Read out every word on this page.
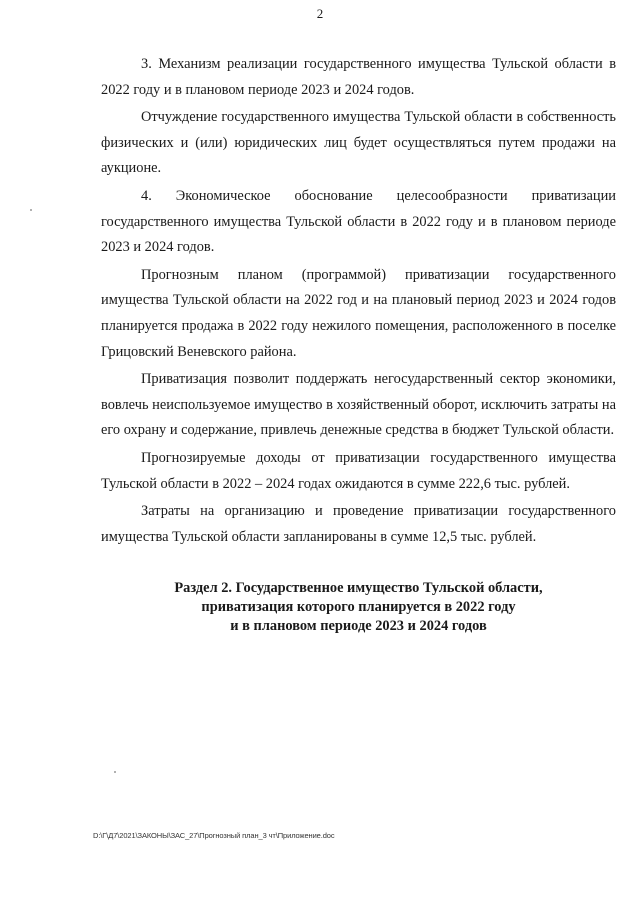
2

3. Механизм реализации государственного имущества Тульской области в 2022 году и в плановом периоде 2023 и 2024 годов.

Отчуждение государственного имущества Тульской области в собственность физических и (или) юридических лиц будет осуществляться путем продажи на аукционе.

4. Экономическое обоснование целесообразности приватизации государственного имущества Тульской области в 2022 году и в плановом периоде 2023 и 2024 годов.

Прогнозным планом (программой) приватизации государственного имущества Тульской области на 2022 год и на плановый период 2023 и 2024 годов планируется продажа в 2022 году нежилого помещения, расположенного в поселке Грицовский Веневского района.

Приватизация позволит поддержать негосударственный сектор экономики, вовлечь неиспользуемое имущество в хозяйственный оборот, исключить затраты на его охрану и содержание, привлечь денежные средства в бюджет Тульской области.

Прогнозируемые доходы от приватизации государственного имущества Тульской области в 2022 – 2024 годах ожидаются в сумме 222,6 тыс. рублей.

Затраты на организацию и проведение приватизации государственного имущества Тульской области запланированы в сумме 12,5 тыс. рублей.

Раздел 2. Государственное имущество Тульской области,
приватизация которого планируется в 2022 году
и в плановом периоде 2023 и 2024 годов
D:\Г\Д7\2021\ЗАКОНЫ\ЗАС_27\Прогнозный план_3 чт\Приложение.doc
